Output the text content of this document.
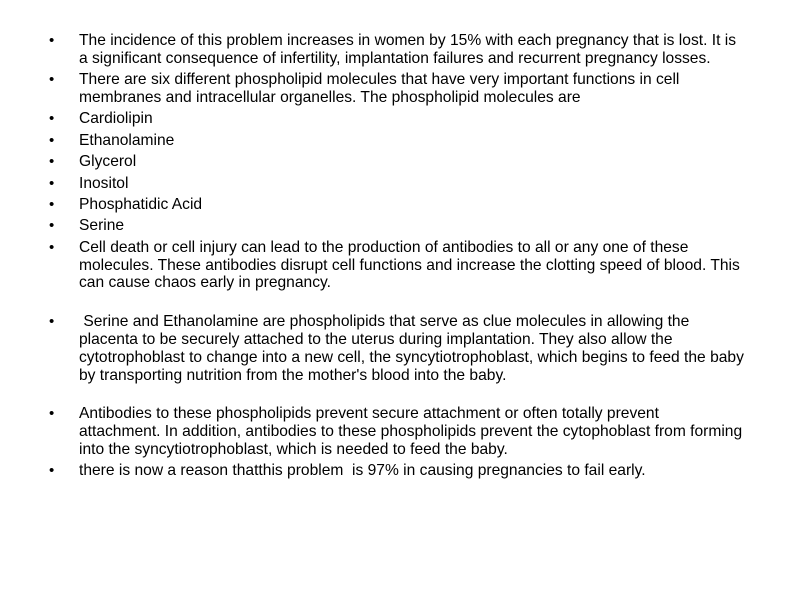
• The incidence of this problem increases in women by 15% with each pregnancy that is lost. It is a significant consequence of infertility, implantation failures and recurrent pregnancy losses.
• There are six different phospholipid molecules that have very important functions in cell membranes and intracellular organelles. The phospholipid molecules are
• Cardiolipin
• Ethanolamine
• Glycerol
• Inositol
• Phosphatidic Acid
• Serine
• Cell death or cell injury can lead to the production of antibodies to all or any one of these molecules. These antibodies disrupt cell functions and increase the clotting speed of blood. This can cause chaos early in pregnancy.
• Serine and Ethanolamine are phospholipids that serve as clue molecules in allowing the placenta to be securely attached to the uterus during implantation. They also allow the cytotrophoblast to change into a new cell, the syncytiotrophoblast, which begins to feed the baby by transporting nutrition from the mother's blood into the baby.
• Antibodies to these phospholipids prevent secure attachment or often totally prevent attachment. In addition, antibodies to these phospholipids prevent the cytophoblast from forming into the syncytiotrophoblast, which is needed to feed the baby.
• there is now a reason thatthis problem  is 97% in causing pregnancies to fail early.
